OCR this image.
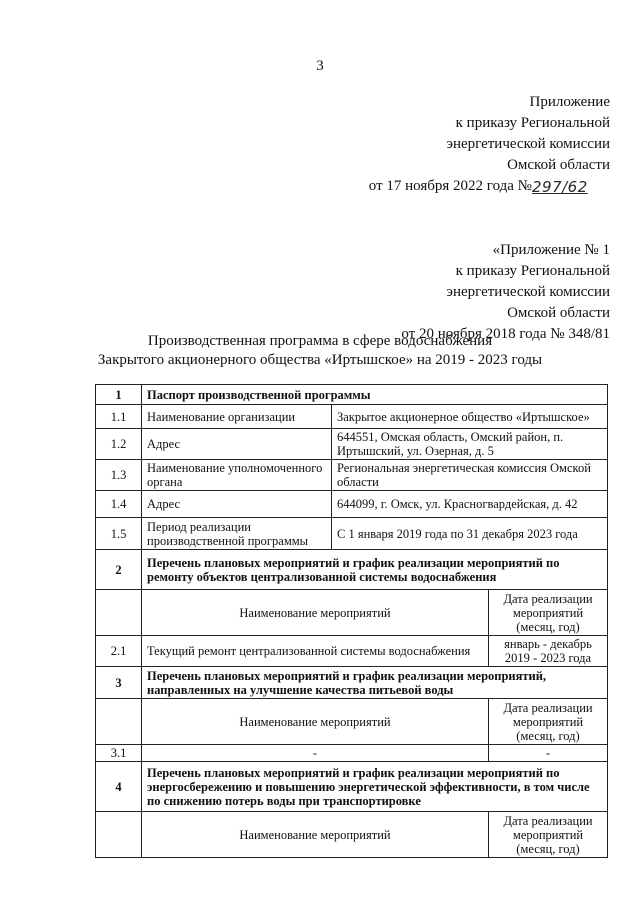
3
Приложение
к приказу Региональной
энергетической комиссии
Омской области
от 17 ноября 2022 года №297/62
«Приложение № 1
к приказу Региональной
энергетической комиссии
Омской области
от 20 ноября 2018 года № 348/81
Производственная программа в сфере водоснабжения
Закрытого акционерного общества «Иртышское» на 2019 - 2023 годы
1	Паспорт производственной программы		
1.1	Наименование организации	Закрытое акционерное общество «Иртышское»	
1.2	Адрес	644551, Омская область, Омский район, п. Иртышский, ул. Озерная, д. 5	
1.3	Наименование уполномоченного органа	Региональная энергетическая комиссия Омской области	
1.4	Адрес	644099, г. Омск, ул. Красногвардейская, д. 42	
1.5	Период реализации производственной программы	С 1 января 2019 года по 31 декабря 2023 года	
2	Перечень плановых мероприятий и график реализации мероприятий по ремонту объектов централизованной системы водоснабжения		
	Наименование мероприятий		Дата реализации мероприятий (месяц, год)
2.1	Текущий ремонт централизованной системы водоснабжения		январь - декабрь 2019 - 2023 года
3	Перечень плановых мероприятий и график реализации мероприятий, направленных на улучшение качества питьевой воды		
	Наименование мероприятий		Дата реализации мероприятий (месяц, год)
3.1	-		-
4	Перечень плановых мероприятий и график реализации мероприятий по энергосбережению и повышению энергетической эффективности, в том числе по снижению потерь воды при транспортировке		
	Наименование мероприятий		Дата реализации мероприятий (месяц, год)
